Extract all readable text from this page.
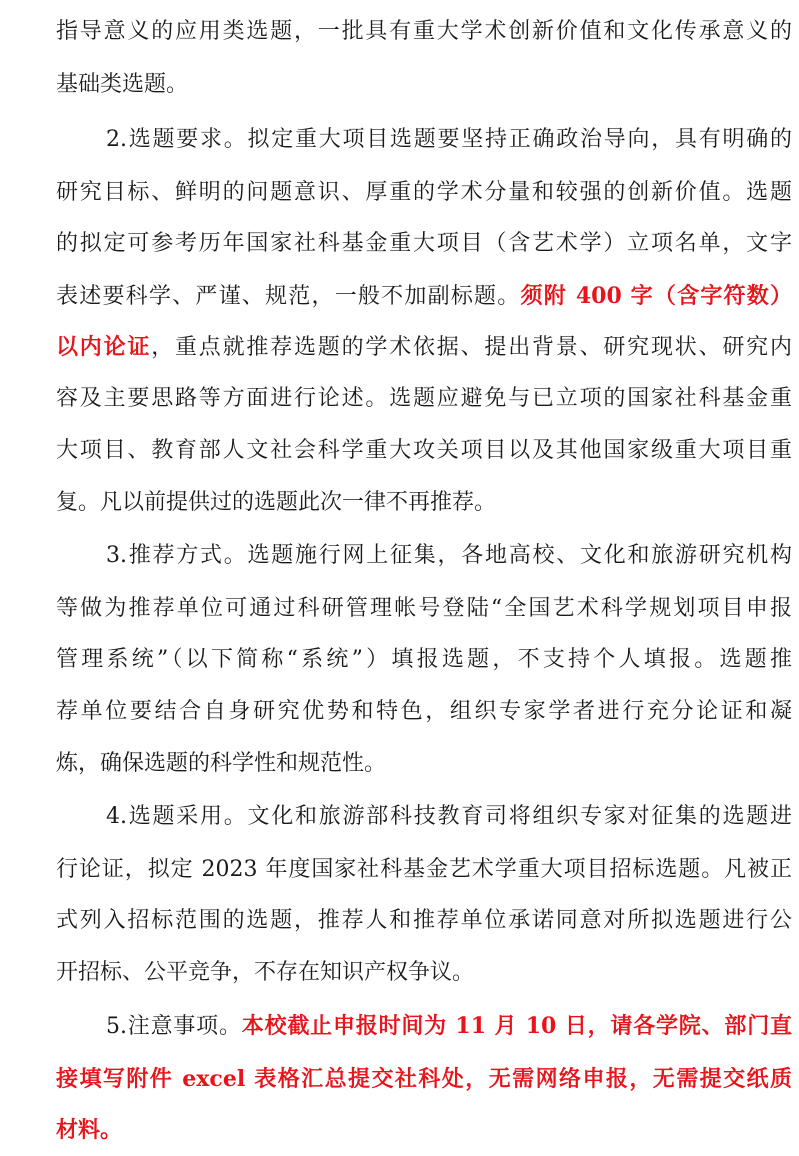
指导意义的应用类选题，一批具有重大学术创新价值和文化传承意义的
基础类选题。
2.选题要求。拟定重大项目选题要坚持正确政治导向，具有明确的
研究目标、鲜明的问题意识、厚重的学术分量和较强的创新价值。选题
的拟定可参考历年国家社科基金重大项目（含艺术学）立项名单，文字
表述要科学、严谨、规范，一般不加副标题。须附 400 字（含字符数）
以内论证，重点就推荐选题的学术依据、提出背景、研究现状、研究内
容及主要思路等方面进行论述。选题应避免与已立项的国家社科基金重
大项目、教育部人文社会科学重大攻关项目以及其他国家级重大项目重
复。凡以前提供过的选题此次一律不再推荐。
3.推荐方式。选题施行网上征集，各地高校、文化和旅游研究机构
等做为推荐单位可通过科研管理帐号登陆“全国艺术科学规划项目申报
管理系统”（以下简称“系统”）填报选题，不支持个人填报。选题推
荐单位要结合自身研究优势和特色，组织专家学者进行充分论证和凝
炼，确保选题的科学性和规范性。
4.选题采用。文化和旅游部科技教育司将组织专家对征集的选题进
行论证，拟定 2023 年度国家社科基金艺术学重大项目招标选题。凡被正
式列入招标范围的选题，推荐人和推荐单位承诺同意对所拟选题进行公
开招标、公平竞争，不存在知识产权争议。
5.注意事项。本校截止申报时间为 11 月 10 日，请各学院、部门直
接填写附件 excel 表格汇总提交社科处，无需网络申报，无需提交纸质
材料。
